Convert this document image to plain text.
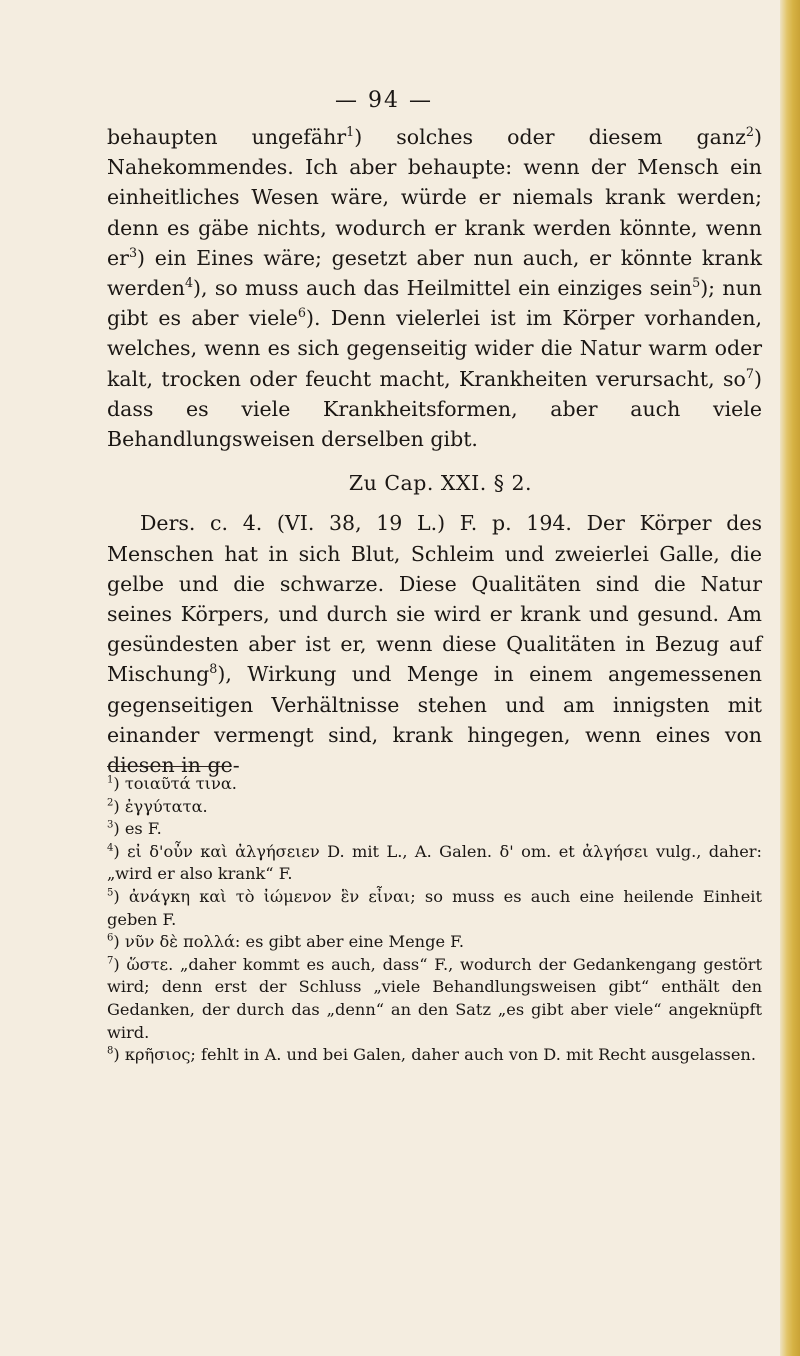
— 94 —

behaupten ungefähr$^1$) solches oder diesem ganz$^2$) Nahekommendes. Ich aber behaupte: wenn der Mensch ein einheitliches Wesen wäre, würde er niemals krank werden; denn es gäbe nichts, wodurch er krank werden könnte, wenn $er^3$) ein Eines wäre; gesetzt aber nun auch, er könnte krank werden$^4$), so muss auch das Heilmittel ein einziges sein$^5$); nun gibt es aber viele$^6$). Denn vielerlei ist im Körper vorhanden, welches, wenn es sich gegenseitig wider die Natur warm oder kalt, trocken oder feucht macht, Krankheiten verursacht, $so^7$) dass es viele Krankheitsformen, aber auch viele Behandlungsweisen derselben gibt.

Zu Cap. XXI. § 2.

Ders. c. 4. (VI. 38, 19 L.) F. p. 194. Der Körper des Menschen hat in sich Blut, Schleim und zweierlei Galle, die gelbe und die schwarze. Diese Qualitäten sind die Natur seines Körpers, und durch sie wird er krank und gesund. Am gesündesten aber ist er, wenn diese Qualitäten in Bezug auf Mischung$^8$), Wirkung und Menge in einem angemessenen gegenseitigen Verhältnisse stehen und am innigsten mit einander vermengt sind, krank hingegen, wenn eines von diesen in ge-

$^1$) τοιαῦτά τινα.

$^2$) ἐγγύτατα.

$^3$) es F.

$^4$) εἰ δ'οὖν καὶ ἀλγήσειεν D. mit L., A. Galen. δ' om. et ἀλγήσει vulg., daher: „wird er also krank“ F.

$^5$) ἀνάγκη καὶ τὸ ἰώμενον ἓν εἶναι; so muss es auch eine heilende Einheit geben F.

$^6$) νῦν δὲ πολλά: es gibt aber eine Menge F.

$^7$) ὥστε. „daher kommt es auch, dass“ F., wodurch der Gedankengang gestört wird; denn erst der Schluss „viele Behandlungsweisen gibt“ enthält den Gedanken, der durch das „denn“ an den Satz „es gibt aber viele“ angeknüpft wird.

$^8$) κρῆσιος; fehlt in A. und bei Galen, daher auch von D. mit Recht ausgelassen.
